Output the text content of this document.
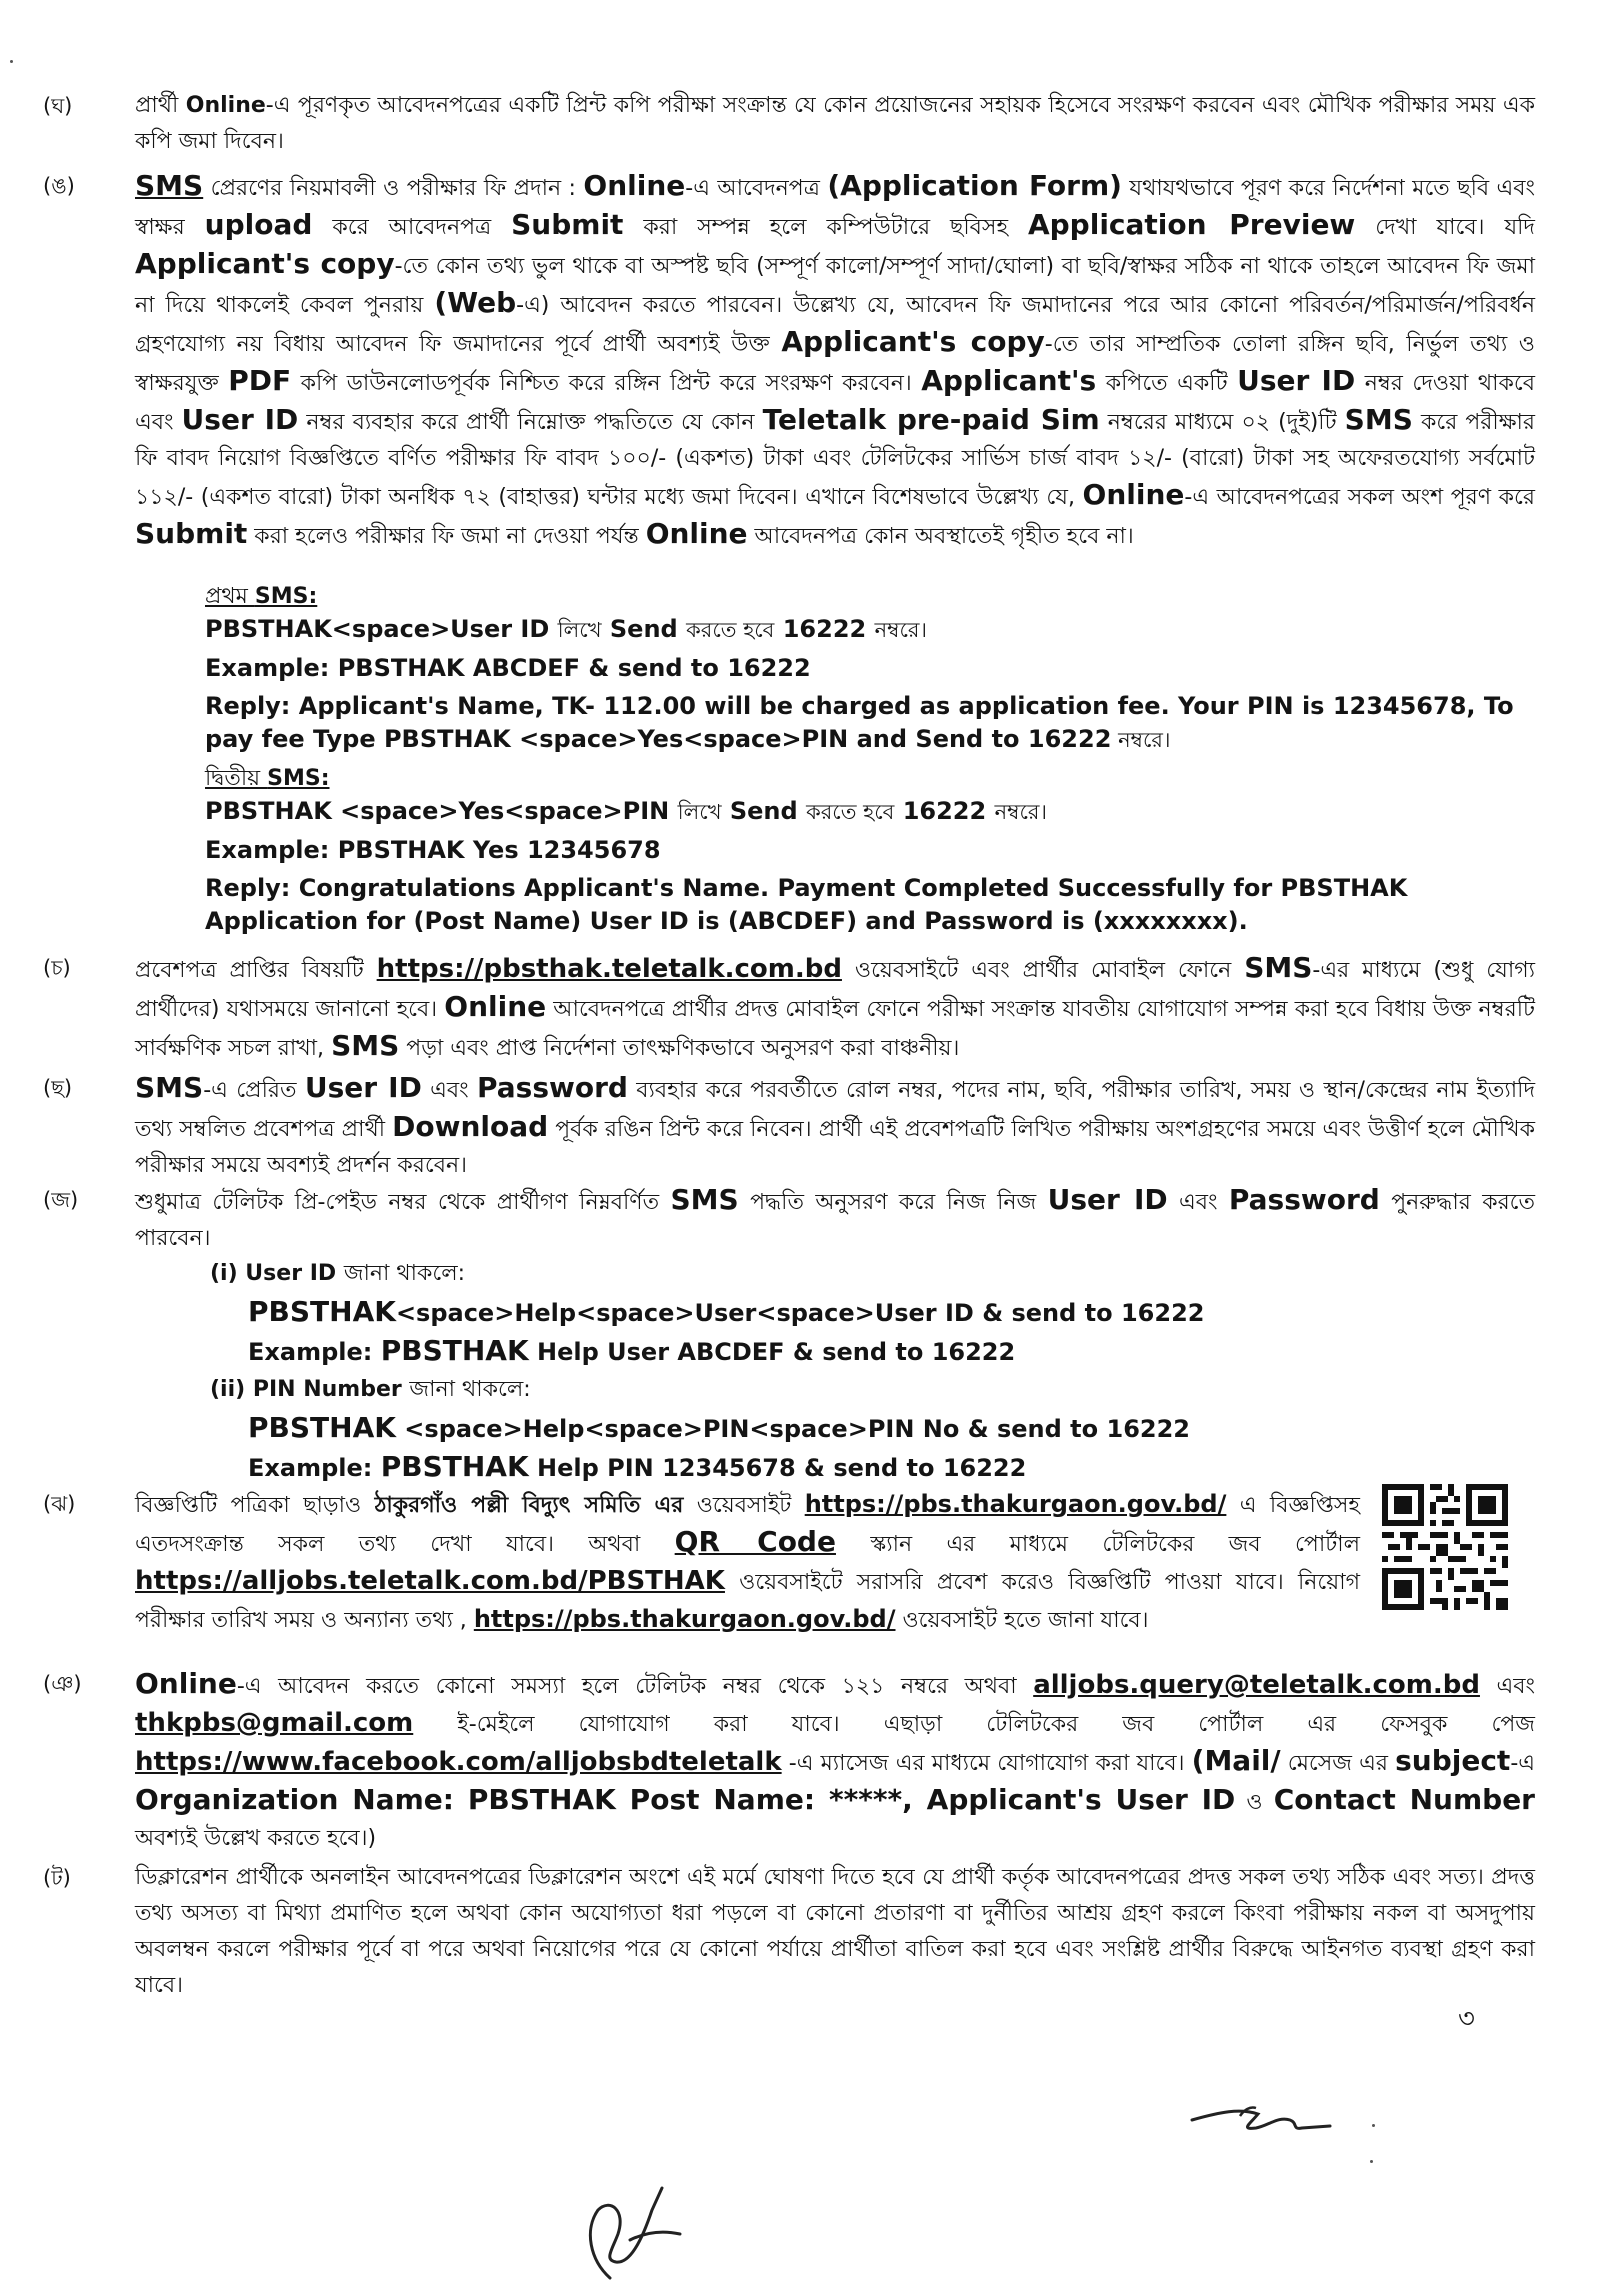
(ঘ)	প্রার্থী Online-এ পূরণকৃত আবেদনপত্রের একটি প্রিন্ট কপি পরীক্ষা সংক্রান্ত যে কোন প্রয়োজনের সহায়ক হিসেবে সংরক্ষণ করবেন এবং মৌখিক পরীক্ষার সময় এক কপি জমা দিবেন।

(ঙ)	SMS প্রেরণের নিয়মাবলী ও পরীক্ষার ফি প্রদান : Online-এ আবেদনপত্র (Application Form) যথাযথভাবে পূরণ করে নির্দেশনা মতে ছবি এবং স্বাক্ষর upload করে আবেদনপত্র Submit করা সম্পন্ন হলে কম্পিউটারে ছবিসহ Application Preview দেখা যাবে। যদি Applicant's copy-তে কোন তথ্য ভুল থাকে বা অস্পষ্ট ছবি (সম্পূর্ণ কালো/সম্পূর্ণ সাদা/ঘোলা) বা ছবি/স্বাক্ষর সঠিক না থাকে তাহলে আবেদন ফি জমা না দিয়ে থাকলেই কেবল পুনরায় (Web-এ) আবেদন করতে পারবেন। উল্লেখ্য যে, আবেদন ফি জমাদানের পরে আর কোনো পরিবর্তন/পরিমার্জন/পরিবর্ধন গ্রহণযোগ্য নয় বিধায় আবেদন ফি জমাদানের পূর্বে প্রার্থী অবশ্যই উক্ত Applicant's copy-তে তার সাম্প্রতিক তোলা রঙ্গিন ছবি, নির্ভুল তথ্য ও স্বাক্ষরযুক্ত PDF কপি ডাউনলোডপূর্বক নিশ্চিত করে রঙ্গিন প্রিন্ট করে সংরক্ষণ করবেন। Applicant's কপিতে একটি User ID নম্বর দেওয়া থাকবে এবং User ID নম্বর ব্যবহার করে প্রার্থী নিম্নোক্ত পদ্ধতিতে যে কোন Teletalk pre-paid Sim নম্বরের মাধ্যমে ০২ (দুই)টি SMS করে পরীক্ষার ফি বাবদ নিয়োগ বিজ্ঞপ্তিতে বর্ণিত পরীক্ষার ফি বাবদ ১০০/- (একশত) টাকা এবং টেলিটকের সার্ভিস চার্জ বাবদ ১২/- (বারো) টাকা সহ অফেরতযোগ্য সর্বমোট ১১২/- (একশত বারো) টাকা অনধিক ৭২ (বাহাত্তর) ঘন্টার মধ্যে জমা দিবেন। এখানে বিশেষভাবে উল্লেখ্য যে, Online-এ আবেদনপত্রের সকল অংশ পূরণ করে Submit করা হলেও পরীক্ষার ফি জমা না দেওয়া পর্যন্ত Online আবেদনপত্র কোন অবস্থাতেই গৃহীত হবে না।

প্রথম SMS:

PBSTHAK<space>User ID লিখে Send করতে হবে 16222 নম্বরে।

Example: PBSTHAK ABCDEF & send to 16222

Reply: Applicant's Name, TK- 112.00 will be charged as application fee. Your PIN is 12345678, To pay fee Type PBSTHAK <space>Yes<space>PIN and Send to 16222 নম্বরে।

দ্বিতীয় SMS:

PBSTHAK <space>Yes<space>PIN লিখে Send করতে হবে 16222 নম্বরে।

Example: PBSTHAK Yes 12345678

Reply: Congratulations Applicant's Name. Payment Completed Successfully for PBSTHAK Application for (Post Name) User ID is (ABCDEF) and Password is (xxxxxxxx).

(চ)	প্রবেশপত্র প্রাপ্তির বিষয়টি https://pbsthak.teletalk.com.bd ওয়েবসাইটে এবং প্রার্থীর মোবাইল ফোনে SMS-এর মাধ্যমে (শুধু যোগ্য প্রার্থীদের) যথাসময়ে জানানো হবে। Online আবেদনপত্রে প্রার্থীর প্রদত্ত মোবাইল ফোনে পরীক্ষা সংক্রান্ত যাবতীয় যোগাযোগ সম্পন্ন করা হবে বিধায় উক্ত নম্বরটি সার্বক্ষণিক সচল রাখা, SMS পড়া এবং প্রাপ্ত নির্দেশনা তাৎক্ষণিকভাবে অনুসরণ করা বাঞ্চনীয়।

(ছ)	SMS-এ প্রেরিত User ID এবং Password ব্যবহার করে পরবর্তীতে রোল নম্বর, পদের নাম, ছবি, পরীক্ষার তারিখ, সময় ও স্থান/কেন্দ্রের নাম ইত্যাদি তথ্য সম্বলিত প্রবেশপত্র প্রার্থী Download পূর্বক রঙিন প্রিন্ট করে নিবেন। প্রার্থী এই প্রবেশপত্রটি লিখিত পরীক্ষায় অংশগ্রহণের সময়ে এবং উত্তীর্ণ হলে মৌখিক পরীক্ষার সময়ে অবশ্যই প্রদর্শন করবেন।

(জ)	শুধুমাত্র টেলিটক প্রি-পেইড নম্বর থেকে প্রার্থীগণ নিম্নবর্ণিত SMS পদ্ধতি অনুসরণ করে নিজ নিজ User ID এবং Password পুনরুদ্ধার করতে পারবেন।

(i) User ID জানা থাকলে:

PBSTHAK<space>Help<space>User<space>User ID & send to 16222

Example: PBSTHAK Help User ABCDEF & send to 16222

(ii) PIN Number জানা থাকলে:

PBSTHAK <space>Help<space>PIN<space>PIN No & send to 16222

Example: PBSTHAK Help PIN 12345678 & send to 16222

(ঝ)	বিজ্ঞপ্তিটি পত্রিকা ছাড়াও ঠাকুরগাঁও পল্লী বিদ্যুৎ সমিতি এর ওয়েবসাইট https://pbs.thakurgaon.gov.bd/ এ বিজ্ঞপ্তিসহ এতদসংক্রান্ত সকল তথ্য দেখা যাবে। অথবা QR Code স্ক্যান এর মাধ্যমে টেলিটকের জব পোর্টাল https://alljobs.teletalk.com.bd/PBSTHAK ওয়েবসাইটে সরাসরি প্রবেশ করেও বিজ্ঞপ্তিটি পাওয়া যাবে। নিয়োগ পরীক্ষার তারিখ সময় ও অন্যান্য তথ্য , https://pbs.thakurgaon.gov.bd/ ওয়েবসাইট হতে জানা যাবে।

(ঞ)	Online-এ আবেদন করতে কোনো সমস্যা হলে টেলিটক নম্বর থেকে ১২১ নম্বরে অথবা alljobs.query@teletalk.com.bd এবং thkpbs@gmail.com ই-মেইলে যোগাযোগ করা যাবে। এছাড়া টেলিটকের জব পোর্টাল এর ফেসবুক পেজ https://www.facebook.com/alljobsbdteletalk -এ ম্যাসেজ এর মাধ্যমে যোগাযোগ করা যাবে। (Mail/ মেসেজ এর subject-এ Organization Name: PBSTHAK Post Name: *****, Applicant's User ID ও Contact Number অবশ্যই উল্লেখ করতে হবে।)

(ট)	ডিক্লারেশন প্রার্থীকে অনলাইন আবেদনপত্রের ডিক্লারেশন অংশে এই মর্মে ঘোষণা দিতে হবে যে প্রার্থী কর্তৃক আবেদনপত্রের প্রদত্ত সকল তথ্য সঠিক এবং সত্য। প্রদত্ত তথ্য অসত্য বা মিথ্যা প্রমাণিত হলে অথবা কোন অযোগ্যতা ধরা পড়লে বা কোনো প্রতারণা বা দুর্নীতির আশ্রয় গ্রহণ করলে কিংবা পরীক্ষায় নকল বা অসদুপায় অবলম্বন করলে পরীক্ষার পূর্বে বা পরে অথবা নিয়োগের পরে যে কোনো পর্যায়ে প্রার্থীতা বাতিল করা হবে এবং সংশ্লিষ্ট প্রার্থীর বিরুদ্ধে আইনগত ব্যবস্থা গ্রহণ করা যাবে।

৩
